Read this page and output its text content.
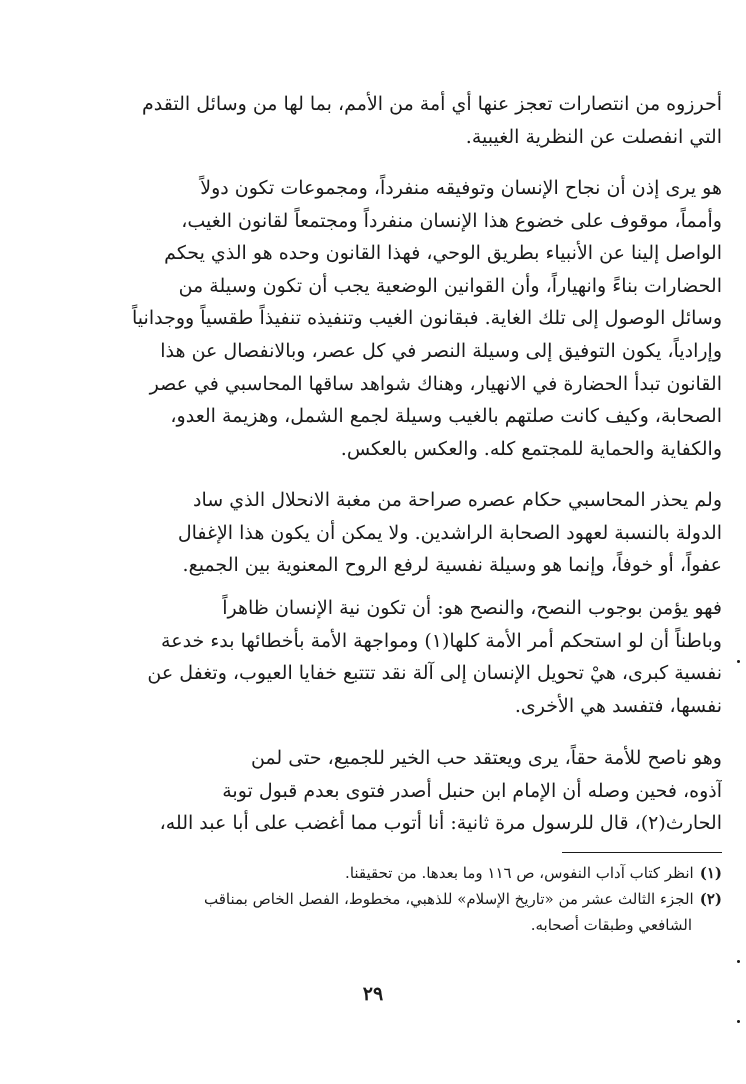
أحرزوه من انتصارات تعجز عنها أي أمة من الأمم، بما لها من وسائل التقدم
التي انفصلت عن النظرية الغيبية.
هو يرى إذن أن نجاح الإنسان وتوفيقه منفرداً، ومجموعات تكون دولاً
وأمماً، موقوف على خضوع هذا الإنسان منفرداً ومجتمعاً لقانون الغيب،
الواصل إلينا عن الأنبياء بطريق الوحي، فهذا القانون وحده هو الذي يحكم
الحضارات بناءً وانهياراً، وأن القوانين الوضعية يجب أن تكون وسيلة من
وسائل الوصول إلى تلك الغاية. فبقانون الغيب وتنفيذه تنفيذاً طقسياً ووجدانياً
وإرادياً، يكون التوفيق إلى وسيلة النصر في كل عصر، وبالانفصال عن هذا
القانون تبدأ الحضارة في الانهيار، وهناك شواهد ساقها المحاسبي في عصر
الصحابة، وكيف كانت صلتهم بالغيب وسيلة لجمع الشمل، وهزيمة العدو،
والكفاية والحماية للمجتمع كله. والعكس بالعكس.
ولم يحذر المحاسبي حكام عصره صراحة من مغبة الانحلال الذي ساد
الدولة بالنسبة لعهود الصحابة الراشدين. ولا يمكن أن يكون هذا الإغفال
عفواً، أو خوفاً، وإنما هو وسيلة نفسية لرفع الروح المعنوية بين الجميع.
فهو يؤمن بوجوب النصح، والنصح هو: أن تكون نية الإنسان ظاهراً
وباطناً أن لو استحكم أمر الأمة كلها(١) ومواجهة الأمة بأخطائها بدء خدعة
نفسية كبرى، هيْ تحويل الإنسان إلى آلة نقد تتتبع خفايا العيوب، وتغفل عن
نفسها، فتفسد هي الأخرى.
وهو ناصح للأمة حقاً، يرى ويعتقد حب الخير للجميع، حتى لمن
آذوه، فحين وصله أن الإمام ابن حنبل أصدر فتوى بعدم قبول توبة
الحارث(٢)، قال للرسول مرة ثانية: أنا أتوب مما أغضب على أبا عبد الله،
(١)انظر كتاب آداب النفوس، ص ١١٦ وما بعدها. من تحقيقنا.
(٢)الجزء الثالث عشر من «تاريخ الإسلام» للذهبي، مخطوط، الفصل الخاص بمناقب
الشافعي وطبقات أصحابه.
٢٩
